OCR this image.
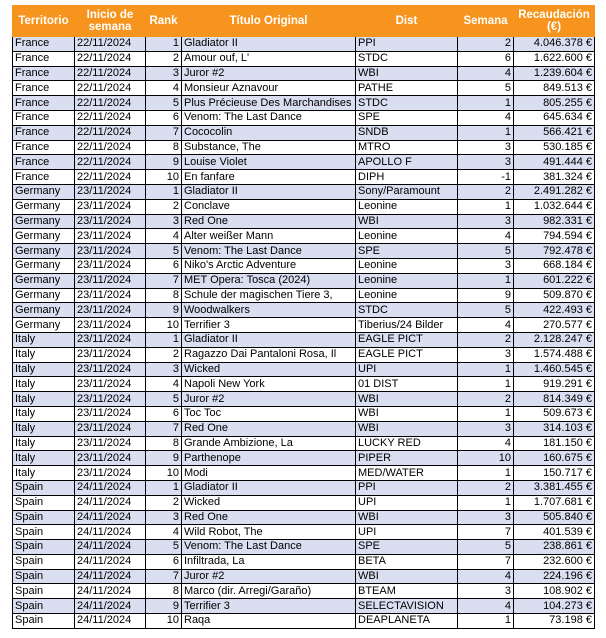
Territorio	Inicio de semana	Rank	Título Original	Dist	Semana	Recaudación (€)
France	22/11/2024	1	Gladiator II	PPI	2	4.046.378 €
France	22/11/2024	2	Amour ouf, L'	STDC	6	1.622.600 €
France	22/11/2024	3	Juror #2	WBI	4	1.239.604 €
France	22/11/2024	4	Monsieur Aznavour	PATHE	5	849.513 €
France	22/11/2024	5	Plus Précieuse Des Marchandises	STDC	1	805.255 €
France	22/11/2024	6	Venom: The Last Dance	SPE	4	645.634 €
France	22/11/2024	7	Cococolin	SNDB	1	566.421 €
France	22/11/2024	8	Substance, The	MTRO	3	530.185 €
France	22/11/2024	9	Louise Violet	APOLLO F	3	491.444 €
France	22/11/2024	10	En fanfare	DIPH	-1	381.324 €
Germany	23/11/2024	1	Gladiator II	Sony/Paramount	2	2.491.282 €
Germany	23/11/2024	2	Conclave	Leonine	1	1.032.644 €
Germany	23/11/2024	3	Red One	WBI	3	982.331 €
Germany	23/11/2024	4	Alter weißer Mann	Leonine	4	794.594 €
Germany	23/11/2024	5	Venom: The Last Dance	SPE	5	792.478 €
Germany	23/11/2024	6	Niko's Arctic Adventure	Leonine	3	668.184 €
Germany	23/11/2024	7	MET Opera: Tosca (2024)	Leonine	1	601.222 €
Germany	23/11/2024	8	Schule der magischen Tiere 3,	Leonine	9	509.870 €
Germany	23/11/2024	9	Woodwalkers	STDC	5	422.493 €
Germany	23/11/2024	10	Terrifier 3	Tiberius/24 Bilder	4	270.577 €
Italy	23/11/2024	1	Gladiator II	EAGLE PICT	2	2.128.247 €
Italy	23/11/2024	2	Ragazzo Dai Pantaloni Rosa, Il	EAGLE PICT	3	1.574.488 €
Italy	23/11/2024	3	Wicked	UPI	1	1.460.545 €
Italy	23/11/2024	4	Napoli New York	01 DIST	1	919.291 €
Italy	23/11/2024	5	Juror #2	WBI	2	814.349 €
Italy	23/11/2024	6	Toc Toc	WBI	1	509.673 €
Italy	23/11/2024	7	Red One	WBI	3	314.103 €
Italy	23/11/2024	8	Grande Ambizione, La	LUCKY RED	4	181.150 €
Italy	23/11/2024	9	Parthenope	PIPER	10	160.675 €
Italy	23/11/2024	10	Modi	MED/WATER	1	150.717 €
Spain	24/11/2024	1	Gladiator II	PPI	2	3.381.455 €
Spain	24/11/2024	2	Wicked	UPI	1	1.707.681 €
Spain	24/11/2024	3	Red One	WBI	3	505.840 €
Spain	24/11/2024	4	Wild Robot, The	UPI	7	401.539 €
Spain	24/11/2024	5	Venom: The Last Dance	SPE	5	238.861 €
Spain	24/11/2024	6	Infiltrada, La	BETA	7	232.600 €
Spain	24/11/2024	7	Juror #2	WBI	4	224.196 €
Spain	24/11/2024	8	Marco (dir. Arregi/Garaño)	BTEAM	3	108.902 €
Spain	24/11/2024	9	Terrifier 3	SELECTAVISION	4	104.273 €
Spain	24/11/2024	10	Raqa	DEAPLANETA	1	73.198 €
